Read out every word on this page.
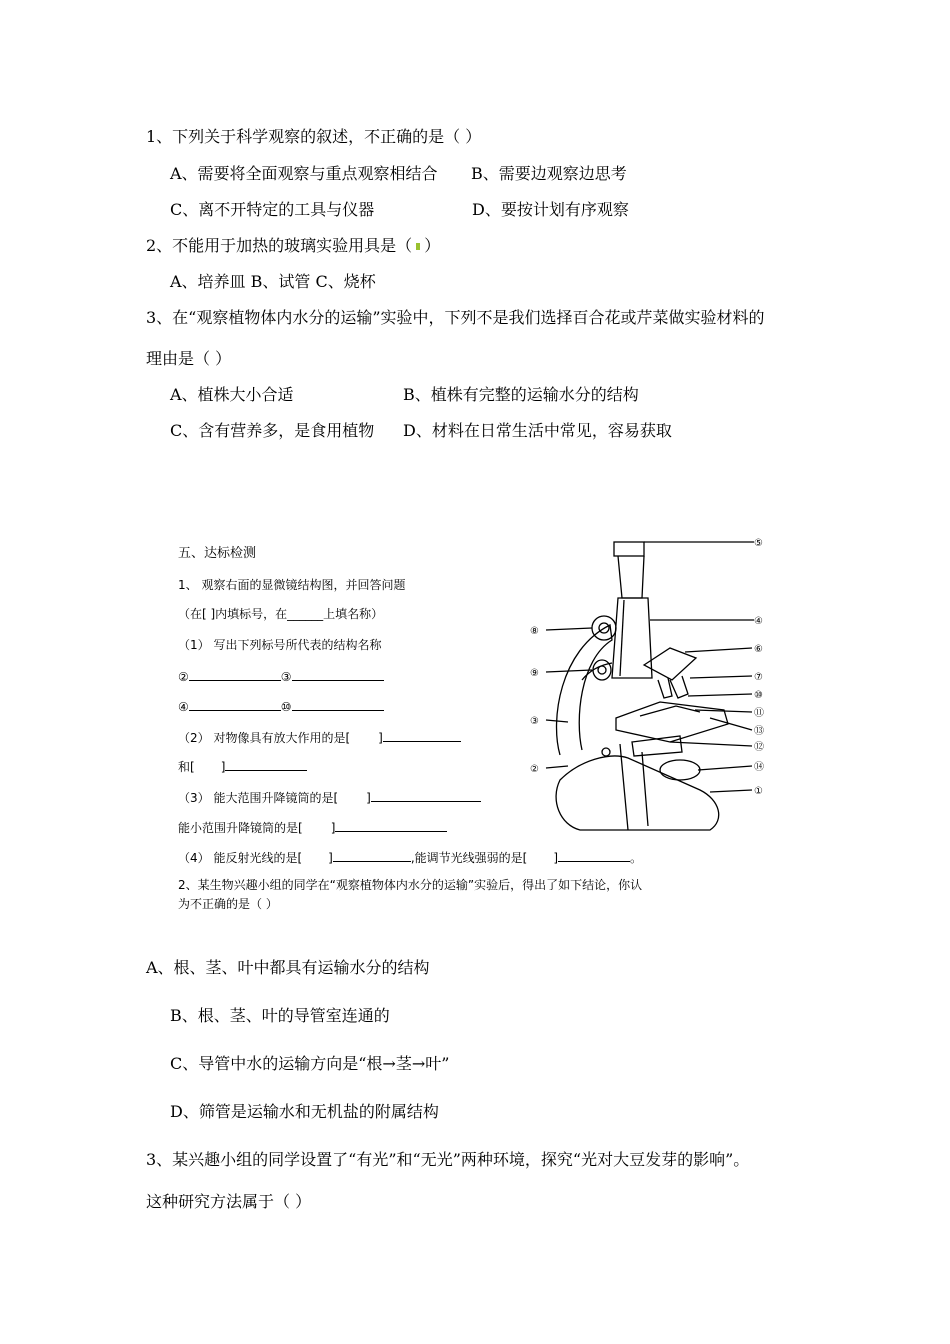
1、下列关于科学观察的叙述，不正确的是（ ）
A、需要将全面观察与重点观察相结合 B、需要边观察边思考
C、离不开特定的工具与仪器	D、要按计划有序观察
2、不能用于加热的玻璃实验用具是（ ）
A、培养皿 B、试管 C、烧杯
3、在“观察植物体内水分的运输”实验中，下列不是我们选择百合花或芹菜做实验材料的
理由是（ ）
A、植株大小合适	B、植株有完整的运输水分的结构
C、含有营养多，是食用植物 D、材料在日常生活中常见，容易获取
五、达标检测
1、 观察右面的显微镜结构图，并回答问题
（在[ ]内填标号，在______上填名称）
（1） 写出下列标号所代表的结构名称
②	③
④	⑩
（2） 对物像具有放大作用的是[ ]
和[ ]
（3） 能大范围升降镜筒的是[ ]
能小范围升降镜筒的是[ ]
（4） 能反射光线的是[ ]	,能调节光线强弱的是[ ]	。
2、某生物兴趣小组的同学在“观察植物体内水分的运输”实验后，得出了如下结论，你认
为不正确的是（ ）
⑤
④
⑥
⑦
⑩
⑪
⑬
⑫
⑭
①
⑧
⑨
③
②
A、根、茎、叶中都具有运输水分的结构
B、根、茎、叶的导管室连通的
C、导管中水的运输方向是“根→茎→叶”
D、筛管是运输水和无机盐的附属结构
3、某兴趣小组的同学设置了“有光”和“无光”两种环境，探究“光对大豆发芽的影响”。
这种研究方法属于（ ）
